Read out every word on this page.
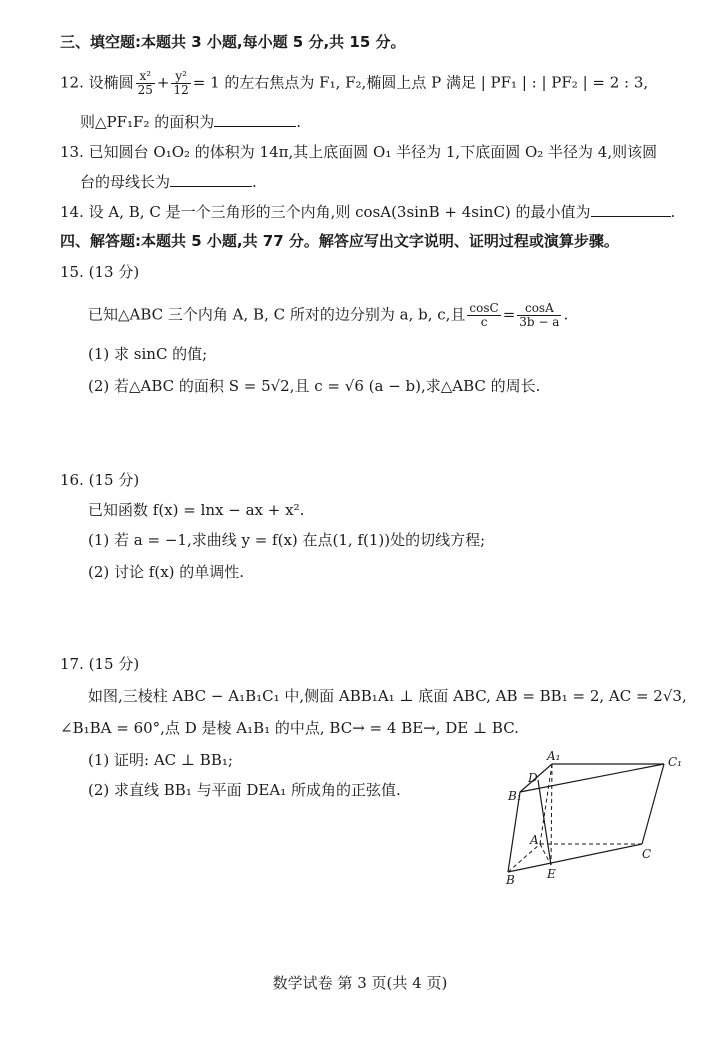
三、填空题:本题共 3 小题,每小题 5 分,共 15 分。
12. 设椭圆 $\frac{\text{x²}}{25} + \frac{\text{y²}}{12} = 1$ 的左右焦点为 F₁, F₂,椭圆上点 P 满足 | PF₁ | : | PF₂ | = 2 : 3,
则△PF₁F₂ 的面积为	.
13. 已知圆台 O₁O₂ 的体积为 14π,其上底面圆 O₁ 半径为 1,下底面圆 O₂ 半径为 4,则该圆
台的母线长为	.
14. 设 A, B, C 是一个三角形的三个内角,则 cosA(3sinB + 4sinC) 的最小值为	.
四、解答题:本题共 5 小题,共 77 分。解答应写出文字说明、证明过程或演算步骤。
15. (13 分)
已知△ABC 三个内角 A, B, C 所对的边分别为 a, b, c,且 $\frac{\cos C}{c} = \frac{\cos A}{3b - a}$ .
(1) 求 sinC 的值;
(2) 若△ABC 的面积 S = 5√2,且 c = √6 (a − b),求△ABC 的周长.
16. (15 分)
已知函数 f(x) = lnx − ax + x².
(1) 若 a = −1,求曲线 y = f(x) 在点(1, f(1))处的切线方程;
(2) 讨论 f(x) 的单调性.
17. (15 分)
如图,三棱柱 ABC − A₁B₁C₁ 中,侧面 ABB₁A₁ ⊥ 底面 ABC, AB = BB₁ = 2, AC = 2√3,
∠B₁BA = 60°,点 D 是棱 A₁B₁ 的中点, BC→ = 4 BE→, DE ⊥ BC.
(1) 证明: AC ⊥ BB₁;
(2) 求直线 BB₁ 与平面 DEA₁ 所成角的正弦值.
A₁	C₁
D
B₁
A
C
B	E
数学试卷 第 3 页(共 4 页)
